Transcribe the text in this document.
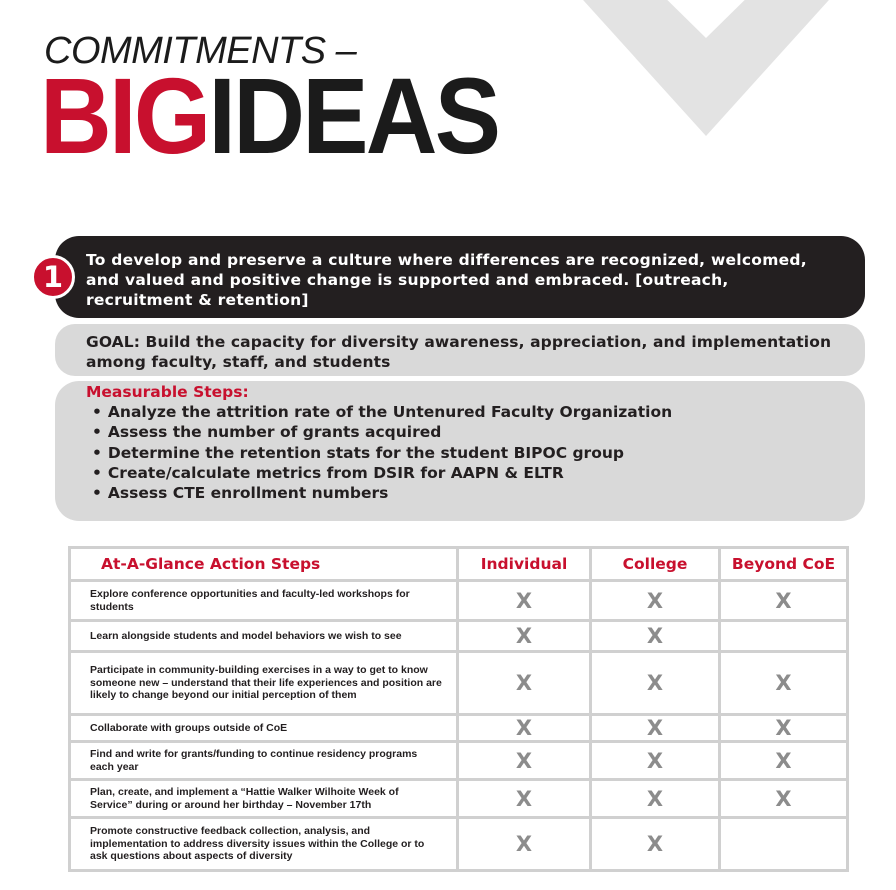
COMMITMENTS –
BIGIDEAS
To develop and preserve a culture where differences are recognized, welcomed, and valued and positive change is supported and embraced. [outreach, recruitment & retention]
1
GOAL: Build the capacity for diversity awareness, appreciation, and implementation among faculty, staff, and students
Measurable Steps:
• Analyze the attrition rate of the Untenured Faculty Organization
• Assess the number of grants acquired
• Determine the retention stats for the student BIPOC group
• Create/calculate metrics from DSIR for AAPN & ELTR
• Assess CTE enrollment numbers
At-A-Glance Action Steps	Individual	College	Beyond CoE
Explore conference opportunities and faculty-led workshops for students	X	X	X
Learn alongside students and model behaviors we wish to see	X	X	
Participate in community-building exercises in a way to get to know someone new – understand that their life experiences and position are likely to change beyond our initial perception of them	X	X	X
Collaborate with groups outside of CoE	X	X	X
Find and write for grants/funding to continue residency programs each year	X	X	X
Plan, create, and implement a “Hattie Walker Wilhoite Week of Service” during or around her birthday – November 17th	X	X	X
Promote constructive feedback collection, analysis, and implementation to address diversity issues within the College or to ask questions about aspects of diversity	X	X	
